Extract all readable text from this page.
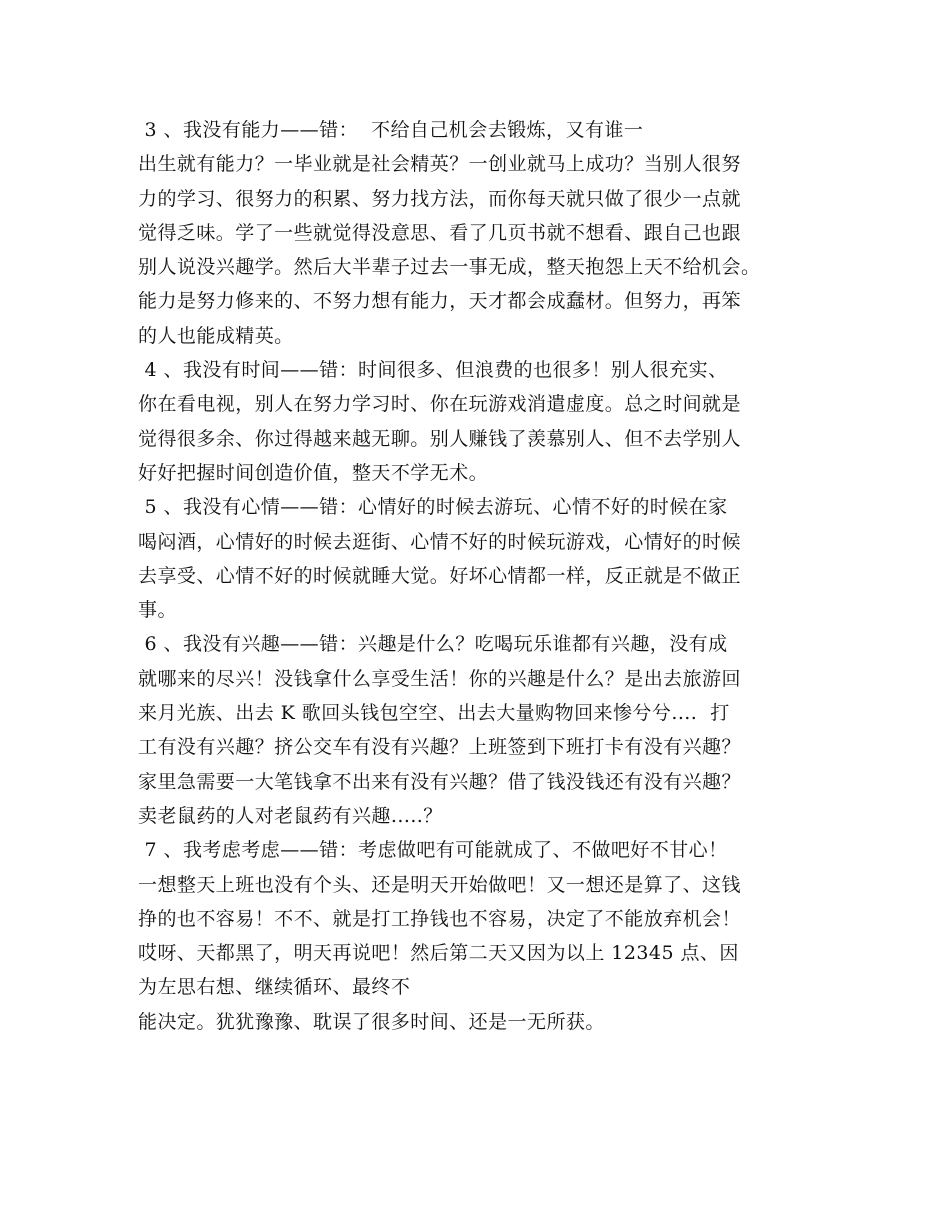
3 、我没有能力——错：  不给自己机会去锻炼，又有谁一
出生就有能力？一毕业就是社会精英？一创业就马上成功？当别人很努
力的学习、很努力的积累、努力找方法，而你每天就只做了很少一点就
觉得乏味。学了一些就觉得没意思、看了几页书就不想看、跟自己也跟
别人说没兴趣学。然后大半辈子过去一事无成，整天抱怨上天不给机会。
能力是努力修来的、不努力想有能力，天才都会成蠢材。但努力，再笨
的人也能成精英。
4 、我没有时间——错：时间很多、但浪费的也很多！别人很充实、
你在看电视，别人在努力学习时、你在玩游戏消遣虚度。总之时间就是
觉得很多余、你过得越来越无聊。别人赚钱了羡慕别人、但不去学别人
好好把握时间创造价值，整天不学无术。
5 、我没有心情——错：心情好的时候去游玩、心情不好的时候在家
喝闷酒，心情好的时候去逛街、心情不好的时候玩游戏，心情好的时候
去享受、心情不好的时候就睡大觉。好坏心情都一样，反正就是不做正
事。
6 、我没有兴趣——错：兴趣是什么？吃喝玩乐谁都有兴趣，没有成
就哪来的尽兴！没钱拿什么享受生活！你的兴趣是什么？是出去旅游回
来月光族、出去 K 歌回头钱包空空、出去大量购物回来惨兮兮....  打
工有没有兴趣？挤公交车有没有兴趣？上班签到下班打卡有没有兴趣？
家里急需要一大笔钱拿不出来有没有兴趣？借了钱没钱还有没有兴趣？
卖老鼠药的人对老鼠药有兴趣.....？
7 、我考虑考虑——错：考虑做吧有可能就成了、不做吧好不甘心！
一想整天上班也没有个头、还是明天开始做吧！又一想还是算了、这钱
挣的也不容易！不不、就是打工挣钱也不容易，决定了不能放弃机会！
哎呀、天都黑了，明天再说吧！然后第二天又因为以上 12345 点、因
为左思右想、继续循环、最终不
能决定。犹犹豫豫、耽误了很多时间、还是一无所获。
